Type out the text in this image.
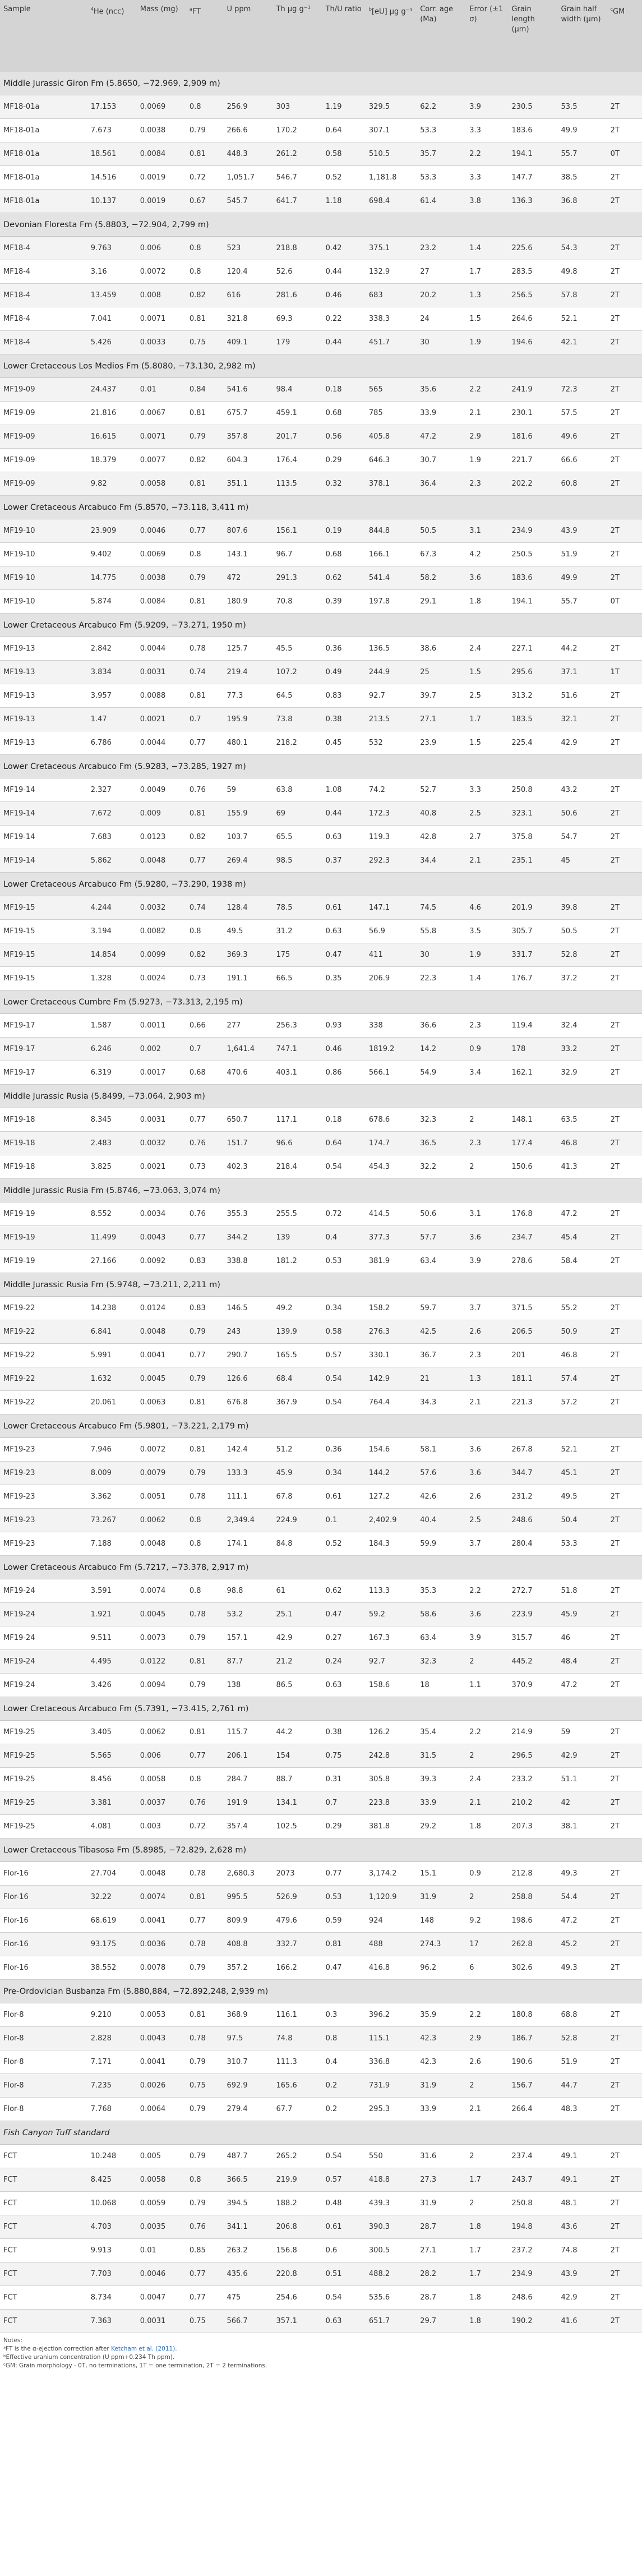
Sample	$^4$He (ncc)	Mass (mg)	$^a$FT	U ppm	Th μg g⁻¹	Th/U ratio	$^b$[eU] μg g⁻¹	Corr. age (Ma)	Error (±1 σ)	Grain length (μm)	Grain half width (μm)	$^c$GM
Middle Jurassic Giron Fm (5.8650, −72.969, 2,909 m)												
MF18-01a	17.153	0.0069	0.8	256.9	303	1.19	329.5	62.2	3.9	230.5	53.5	2T
MF18-01a	7.673	0.0038	0.79	266.6	170.2	0.64	307.1	53.3	3.3	183.6	49.9	2T
MF18-01a	18.561	0.0084	0.81	448.3	261.2	0.58	510.5	35.7	2.2	194.1	55.7	0T
MF18-01a	14.516	0.0019	0.72	1,051.7	546.7	0.52	1,181.8	53.3	3.3	147.7	38.5	2T
MF18-01a	10.137	0.0019	0.67	545.7	641.7	1.18	698.4	61.4	3.8	136.3	36.8	2T
Devonian Floresta Fm (5.8803, −72.904, 2,799 m)												
MF18-4	9.763	0.006	0.8	523	218.8	0.42	375.1	23.2	1.4	225.6	54.3	2T
MF18-4	3.16	0.0072	0.8	120.4	52.6	0.44	132.9	27	1.7	283.5	49.8	2T
MF18-4	13.459	0.008	0.82	616	281.6	0.46	683	20.2	1.3	256.5	57.8	2T
MF18-4	7.041	0.0071	0.81	321.8	69.3	0.22	338.3	24	1.5	264.6	52.1	2T
MF18-4	5.426	0.0033	0.75	409.1	179	0.44	451.7	30	1.9	194.6	42.1	2T
Lower Cretaceous Los Medios Fm (5.8080, −73.130, 2,982 m)												
MF19-09	24.437	0.01	0.84	541.6	98.4	0.18	565	35.6	2.2	241.9	72.3	2T
MF19-09	21.816	0.0067	0.81	675.7	459.1	0.68	785	33.9	2.1	230.1	57.5	2T
MF19-09	16.615	0.0071	0.79	357.8	201.7	0.56	405.8	47.2	2.9	181.6	49.6	2T
MF19-09	18.379	0.0077	0.82	604.3	176.4	0.29	646.3	30.7	1.9	221.7	66.6	2T
MF19-09	9.82	0.0058	0.81	351.1	113.5	0.32	378.1	36.4	2.3	202.2	60.8	2T
Lower Cretaceous Arcabuco Fm (5.8570, −73.118, 3,411 m)												
MF19-10	23.909	0.0046	0.77	807.6	156.1	0.19	844.8	50.5	3.1	234.9	43.9	2T
MF19-10	9.402	0.0069	0.8	143.1	96.7	0.68	166.1	67.3	4.2	250.5	51.9	2T
MF19-10	14.775	0.0038	0.79	472	291.3	0.62	541.4	58.2	3.6	183.6	49.9	2T
MF19-10	5.874	0.0084	0.81	180.9	70.8	0.39	197.8	29.1	1.8	194.1	55.7	0T
Lower Cretaceous Arcabuco Fm (5.9209, −73.271, 1950 m)												
MF19-13	2.842	0.0044	0.78	125.7	45.5	0.36	136.5	38.6	2.4	227.1	44.2	2T
MF19-13	3.834	0.0031	0.74	219.4	107.2	0.49	244.9	25	1.5	295.6	37.1	1T
MF19-13	3.957	0.0088	0.81	77.3	64.5	0.83	92.7	39.7	2.5	313.2	51.6	2T
MF19-13	1.47	0.0021	0.7	195.9	73.8	0.38	213.5	27.1	1.7	183.5	32.1	2T
MF19-13	6.786	0.0044	0.77	480.1	218.2	0.45	532	23.9	1.5	225.4	42.9	2T
Lower Cretaceous Arcabuco Fm (5.9283, −73.285, 1927 m)												
MF19-14	2.327	0.0049	0.76	59	63.8	1.08	74.2	52.7	3.3	250.8	43.2	2T
MF19-14	7.672	0.009	0.81	155.9	69	0.44	172.3	40.8	2.5	323.1	50.6	2T
MF19-14	7.683	0.0123	0.82	103.7	65.5	0.63	119.3	42.8	2.7	375.8	54.7	2T
MF19-14	5.862	0.0048	0.77	269.4	98.5	0.37	292.3	34.4	2.1	235.1	45	2T
Lower Cretaceous Arcabuco Fm (5.9280, −73.290, 1938 m)												
MF19-15	4.244	0.0032	0.74	128.4	78.5	0.61	147.1	74.5	4.6	201.9	39.8	2T
MF19-15	3.194	0.0082	0.8	49.5	31.2	0.63	56.9	55.8	3.5	305.7	50.5	2T
MF19-15	14.854	0.0099	0.82	369.3	175	0.47	411	30	1.9	331.7	52.8	2T
MF19-15	1.328	0.0024	0.73	191.1	66.5	0.35	206.9	22.3	1.4	176.7	37.2	2T
Lower Cretaceous Cumbre Fm (5.9273, −73.313, 2,195 m)												
MF19-17	1.587	0.0011	0.66	277	256.3	0.93	338	36.6	2.3	119.4	32.4	2T
MF19-17	6.246	0.002	0.7	1,641.4	747.1	0.46	1819.2	14.2	0.9	178	33.2	2T
MF19-17	6.319	0.0017	0.68	470.6	403.1	0.86	566.1	54.9	3.4	162.1	32.9	2T
Middle Jurassic Rusia (5.8499, −73.064, 2,903 m)												
MF19-18	8.345	0.0031	0.77	650.7	117.1	0.18	678.6	32.3	2	148.1	63.5	2T
MF19-18	2.483	0.0032	0.76	151.7	96.6	0.64	174.7	36.5	2.3	177.4	46.8	2T
MF19-18	3.825	0.0021	0.73	402.3	218.4	0.54	454.3	32.2	2	150.6	41.3	2T
Middle Jurassic Rusia Fm (5.8746, −73.063, 3,074 m)												
MF19-19	8.552	0.0034	0.76	355.3	255.5	0.72	414.5	50.6	3.1	176.8	47.2	2T
MF19-19	11.499	0.0043	0.77	344.2	139	0.4	377.3	57.7	3.6	234.7	45.4	2T
MF19-19	27.166	0.0092	0.83	338.8	181.2	0.53	381.9	63.4	3.9	278.6	58.4	2T
Middle Jurassic Rusia Fm (5.9748, −73.211, 2,211 m)												
MF19-22	14.238	0.0124	0.83	146.5	49.2	0.34	158.2	59.7	3.7	371.5	55.2	2T
MF19-22	6.841	0.0048	0.79	243	139.9	0.58	276.3	42.5	2.6	206.5	50.9	2T
MF19-22	5.991	0.0041	0.77	290.7	165.5	0.57	330.1	36.7	2.3	201	46.8	2T
MF19-22	1.632	0.0045	0.79	126.6	68.4	0.54	142.9	21	1.3	181.1	57.4	2T
MF19-22	20.061	0.0063	0.81	676.8	367.9	0.54	764.4	34.3	2.1	221.3	57.2	2T
Lower Cretaceous Arcabuco Fm (5.9801, −73.221, 2,179 m)												
MF19-23	7.946	0.0072	0.81	142.4	51.2	0.36	154.6	58.1	3.6	267.8	52.1	2T
MF19-23	8.009	0.0079	0.79	133.3	45.9	0.34	144.2	57.6	3.6	344.7	45.1	2T
MF19-23	3.362	0.0051	0.78	111.1	67.8	0.61	127.2	42.6	2.6	231.2	49.5	2T
MF19-23	73.267	0.0062	0.8	2,349.4	224.9	0.1	2,402.9	40.4	2.5	248.6	50.4	2T
MF19-23	7.188	0.0048	0.8	174.1	84.8	0.52	184.3	59.9	3.7	280.4	53.3	2T
Lower Cretaceous Arcabuco Fm (5.7217, −73.378, 2,917 m)												
MF19-24	3.591	0.0074	0.8	98.8	61	0.62	113.3	35.3	2.2	272.7	51.8	2T
MF19-24	1.921	0.0045	0.78	53.2	25.1	0.47	59.2	58.6	3.6	223.9	45.9	2T
MF19-24	9.511	0.0073	0.79	157.1	42.9	0.27	167.3	63.4	3.9	315.7	46	2T
MF19-24	4.495	0.0122	0.81	87.7	21.2	0.24	92.7	32.3	2	445.2	48.4	2T
MF19-24	3.426	0.0094	0.79	138	86.5	0.63	158.6	18	1.1	370.9	47.2	2T
Lower Cretaceous Arcabuco Fm (5.7391, −73.415, 2,761 m)												
MF19-25	3.405	0.0062	0.81	115.7	44.2	0.38	126.2	35.4	2.2	214.9	59	2T
MF19-25	5.565	0.006	0.77	206.1	154	0.75	242.8	31.5	2	296.5	42.9	2T
MF19-25	8.456	0.0058	0.8	284.7	88.7	0.31	305.8	39.3	2.4	233.2	51.1	2T
MF19-25	3.381	0.0037	0.76	191.9	134.1	0.7	223.8	33.9	2.1	210.2	42	2T
MF19-25	4.081	0.003	0.72	357.4	102.5	0.29	381.8	29.2	1.8	207.3	38.1	2T
Lower Cretaceous Tibasosa Fm (5.8985, −72.829, 2,628 m)												
Flor-16	27.704	0.0048	0.78	2,680.3	2073	0.77	3,174.2	15.1	0.9	212.8	49.3	2T
Flor-16	32.22	0.0074	0.81	995.5	526.9	0.53	1,120.9	31.9	2	258.8	54.4	2T
Flor-16	68.619	0.0041	0.77	809.9	479.6	0.59	924	148	9.2	198.6	47.2	2T
Flor-16	93.175	0.0036	0.78	408.8	332.7	0.81	488	274.3	17	262.8	45.2	2T
Flor-16	38.552	0.0078	0.79	357.2	166.2	0.47	416.8	96.2	6	302.6	49.3	2T
Pre-Ordovician Busbanza Fm (5.880,884, −72.892,248, 2,939 m)												
Flor-8	9.210	0.0053	0.81	368.9	116.1	0.3	396.2	35.9	2.2	180.8	68.8	2T
Flor-8	2.828	0.0043	0.78	97.5	74.8	0.8	115.1	42.3	2.9	186.7	52.8	2T
Flor-8	7.171	0.0041	0.79	310.7	111.3	0.4	336.8	42.3	2.6	190.6	51.9	2T
Flor-8	7.235	0.0026	0.75	692.9	165.6	0.2	731.9	31.9	2	156.7	44.7	2T
Flor-8	7.768	0.0064	0.79	279.4	67.7	0.2	295.3	33.9	2.1	266.4	48.3	2T
Fish Canyon Tuff standard												
FCT	10.248	0.005	0.79	487.7	265.2	0.54	550	31.6	2	237.4	49.1	2T
FCT	8.425	0.0058	0.8	366.5	219.9	0.57	418.8	27.3	1.7	243.7	49.1	2T
FCT	10.068	0.0059	0.79	394.5	188.2	0.48	439.3	31.9	2	250.8	48.1	2T
FCT	4.703	0.0035	0.76	341.1	206.8	0.61	390.3	28.7	1.8	194.8	43.6	2T
FCT	9.913	0.01	0.85	263.2	156.8	0.6	300.5	27.1	1.7	237.2	74.8	2T
FCT	7.703	0.0046	0.77	435.6	220.8	0.51	488.2	28.2	1.7	234.9	43.9	2T
FCT	8.734	0.0047	0.77	475	254.6	0.54	535.6	28.7	1.8	248.6	42.9	2T
FCT	7.363	0.0031	0.75	566.7	357.1	0.63	651.7	29.7	1.8	190.2	41.6	2T
Notes:
ᵃFT is the α-ejection correction after Ketcham et al. (2011).
ᵇEffective uranium concentration (U ppm+0.234 Th ppm).
ᶜGM: Grain morphology - 0T, no terminations, 1T = one termination, 2T = 2 terminations.
